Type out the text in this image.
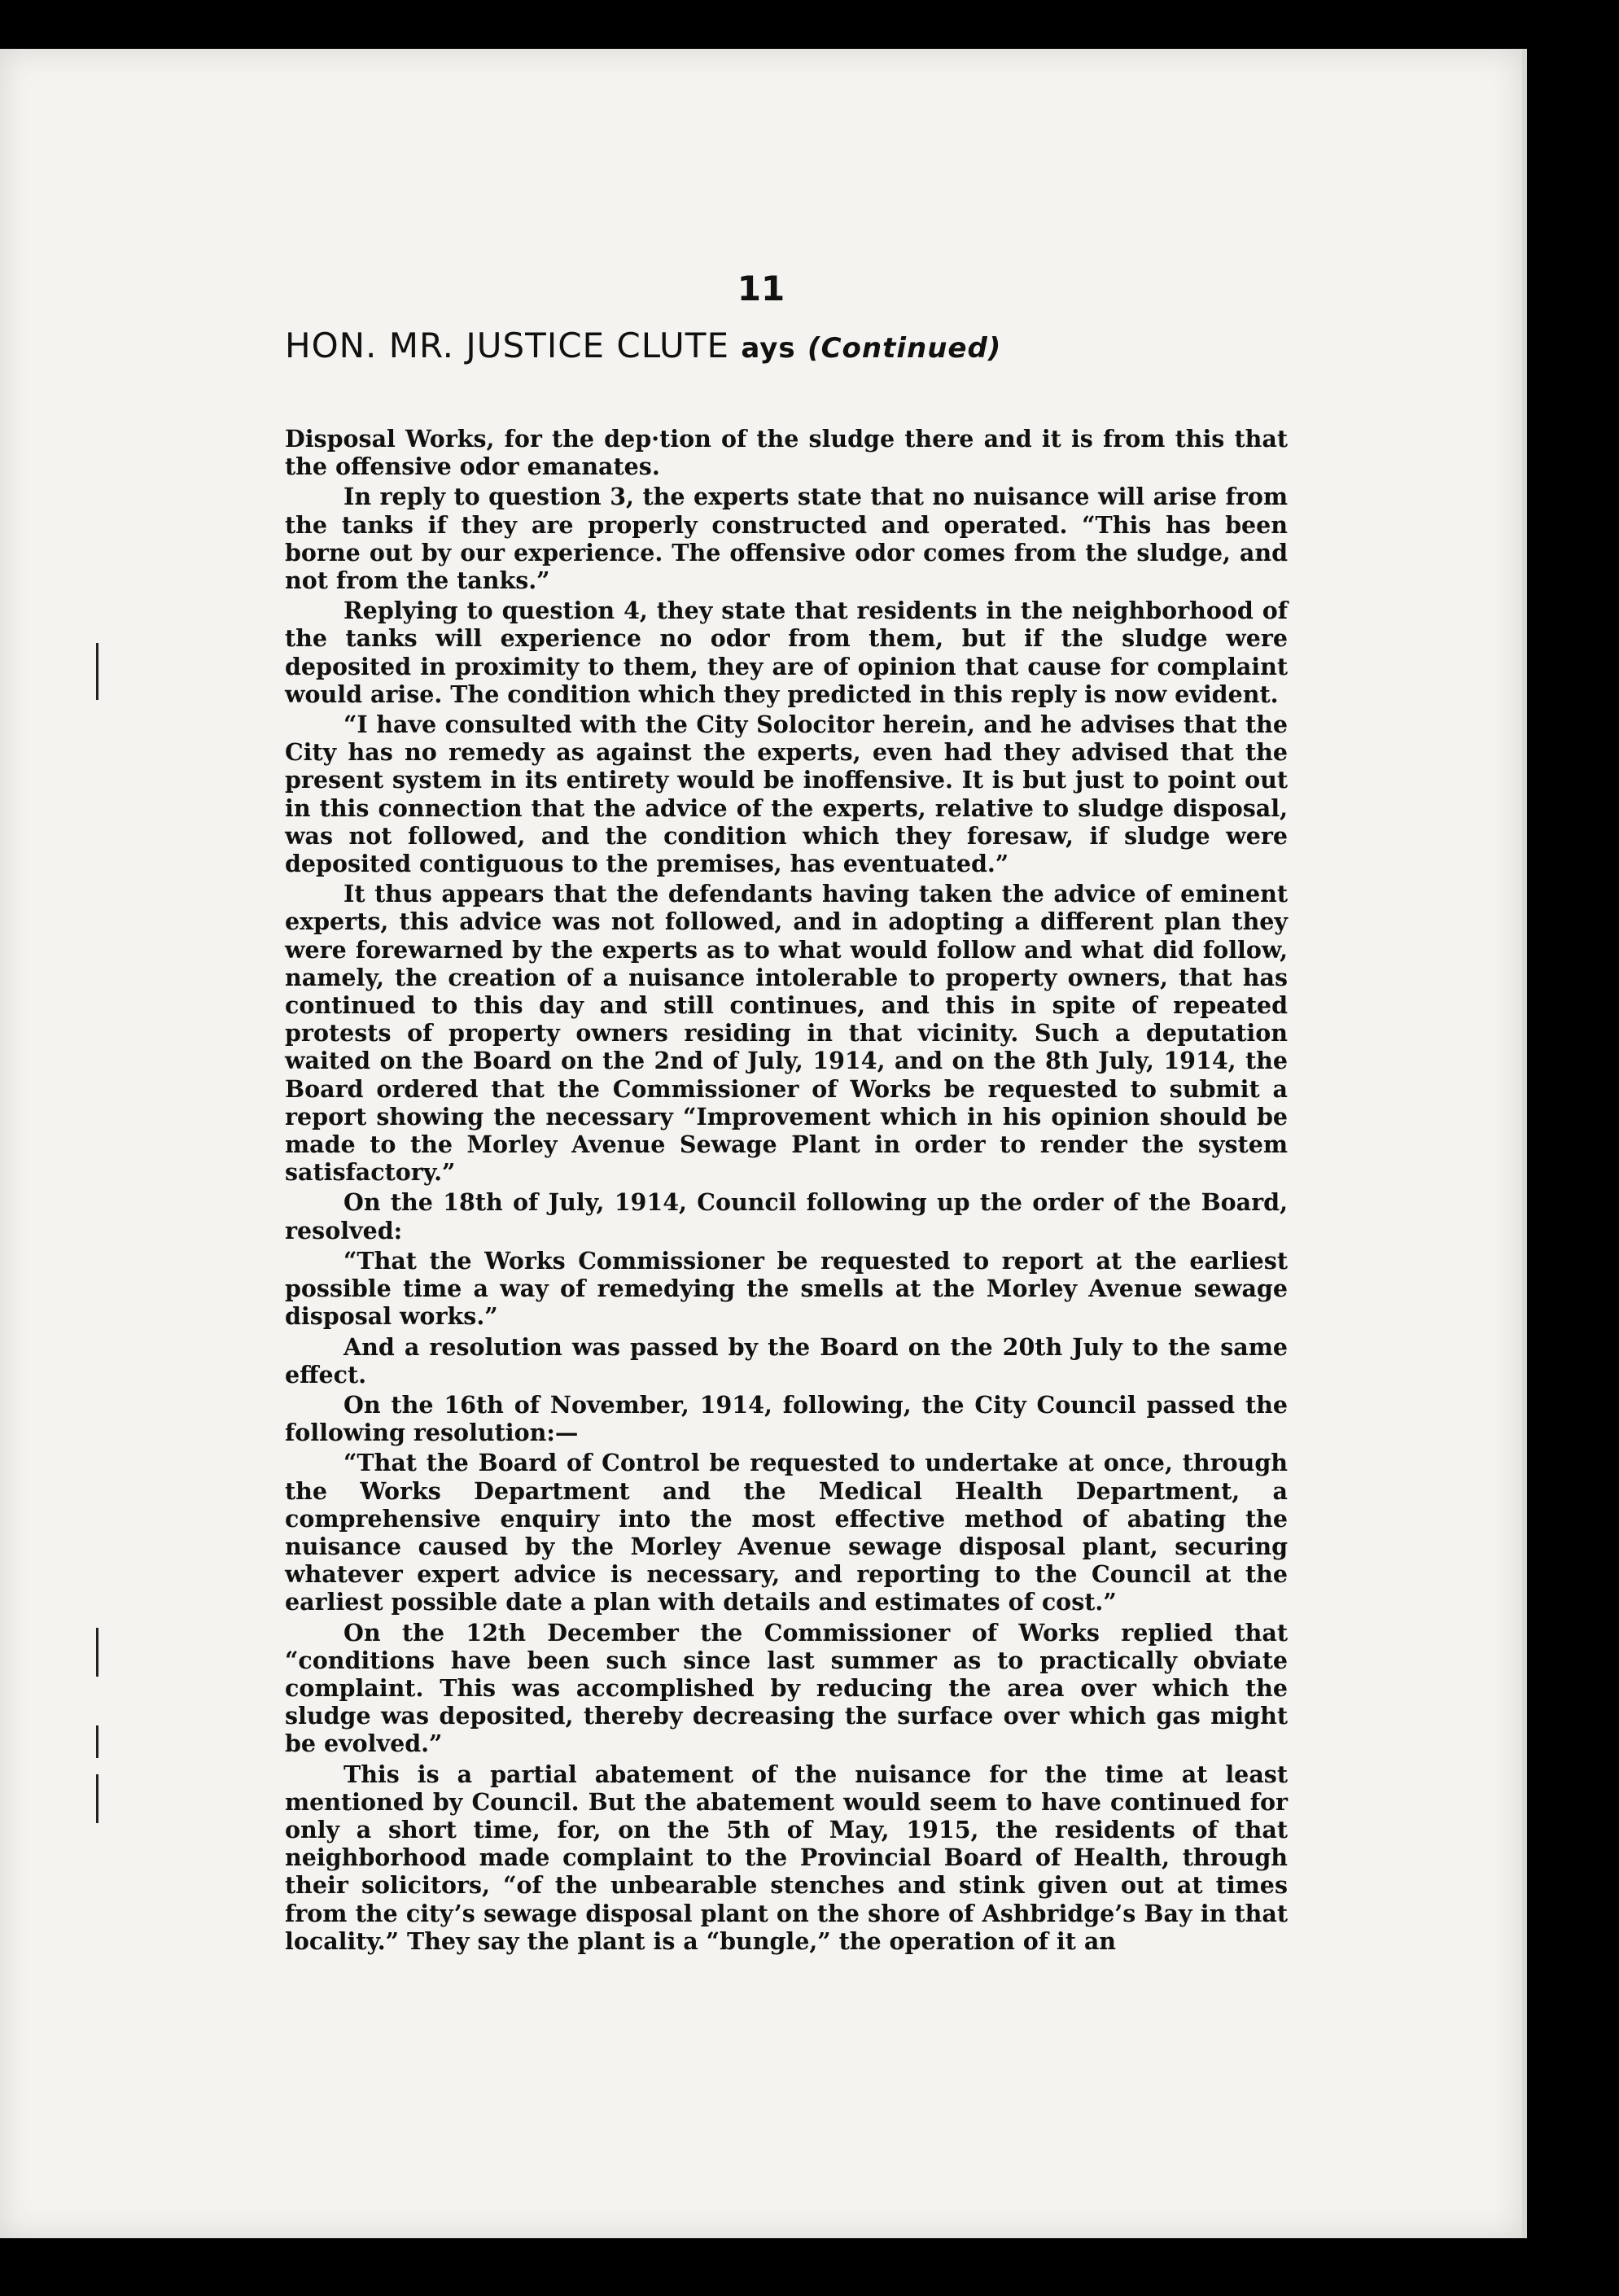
11
HON. MR. JUSTICE CLUTE ays (Continued)

Disposal Works, for the dep·tion of the sludge there and it is from this that the offensive odor emanates.

In reply to question 3, the experts state that no nuisance will arise from the tanks if they are properly constructed and operated. “This has been borne out by our experience. The offensive odor comes from the sludge, and not from the tanks.”

Replying to question 4, they state that residents in the neighborhood of the tanks will experience no odor from them, but if the sludge were deposited in proximity to them, they are of opinion that cause for complaint would arise. The condition which they predicted in this reply is now evident.

“I have consulted with the City Solocitor herein, and he advises that the City has no remedy as against the experts, even had they advised that the present system in its entirety would be inoffensive. It is but just to point out in this connection that the advice of the experts, relative to sludge disposal, was not followed, and the condition which they foresaw, if sludge were deposited contiguous to the premises, has eventuated.”

It thus appears that the defendants having taken the advice of eminent experts, this advice was not followed, and in adopting a different plan they were forewarned by the experts as to what would follow and what did follow, namely, the creation of a nuisance intolerable to property owners, that has continued to this day and still continues, and this in spite of repeated protests of property owners residing in that vicinity. Such a deputation waited on the Board on the 2nd of July, 1914, and on the 8th July, 1914, the Board ordered that the Commissioner of Works be requested to submit a report showing the necessary “Improvement which in his opinion should be made to the Morley Avenue Sewage Plant in order to render the system satisfactory.”

On the 18th of July, 1914, Council following up the order of the Board, resolved:

“That the Works Commissioner be requested to report at the earliest possible time a way of remedying the smells at the Morley Avenue sewage disposal works.”

And a resolution was passed by the Board on the 20th July to the same effect.

On the 16th of November, 1914, following, the City Council passed the following resolution:—

“That the Board of Control be requested to undertake at once, through the Works Department and the Medical Health Department, a comprehensive enquiry into the most effective method of abating the nuisance caused by the Morley Avenue sewage disposal plant, securing whatever expert advice is necessary, and reporting to the Council at the earliest possible date a plan with details and estimates of cost.”

On the 12th December the Commissioner of Works replied that “conditions have been such since last summer as to practically obviate complaint. This was accomplished by reducing the area over which the sludge was deposited, thereby decreasing the surface over which gas might be evolved.”

This is a partial abatement of the nuisance for the time at least mentioned by Council. But the abatement would seem to have continued for only a short time, for, on the 5th of May, 1915, the residents of that neighborhood made complaint to the Provincial Board of Health, through their solicitors, “of the unbearable stenches and stink given out at times from the city’s sewage disposal plant on the shore of Ashbridge’s Bay in that locality.” They say the plant is a “bungle,” the operation of it an
